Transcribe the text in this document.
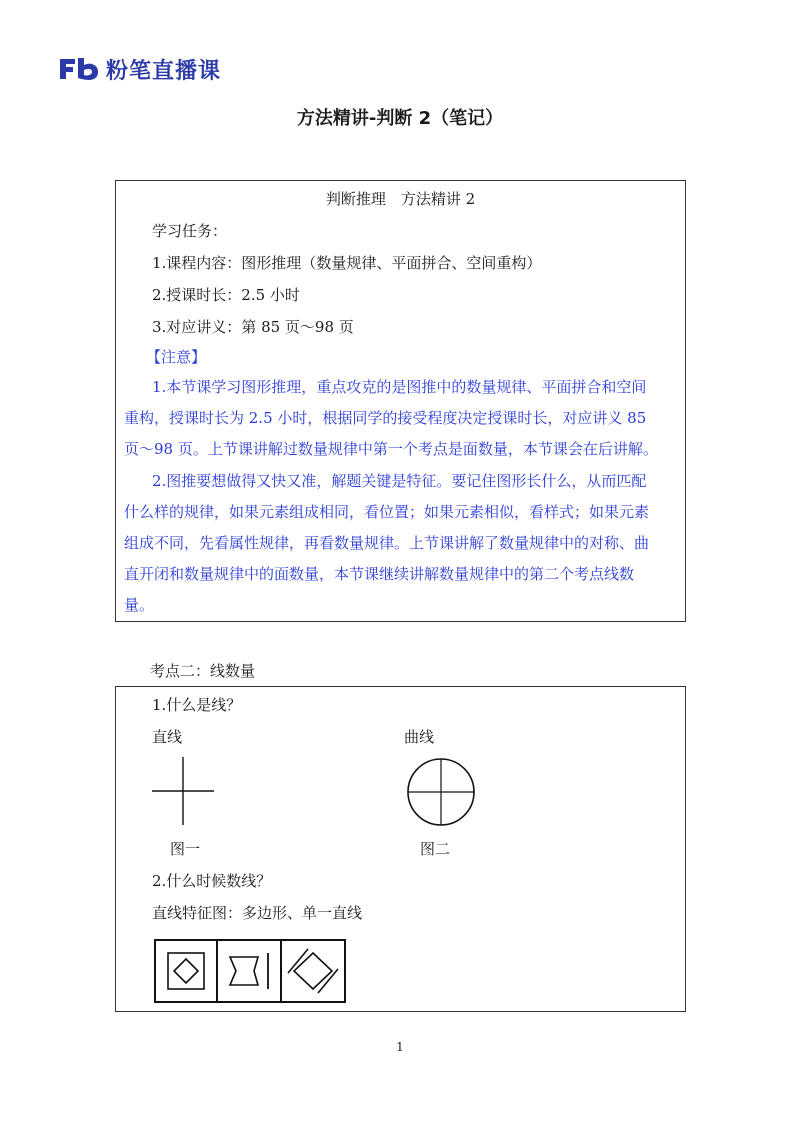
粉笔直播课
方法精讲-判断 2（笔记）
判断推理　方法精讲 2
学习任务：
1.课程内容：图形推理（数量规律、平面拼合、空间重构）
2.授课时长：2.5 小时
3.对应讲义：第 85 页～98 页
【注意】
1.本节课学习图形推理，重点攻克的是图推中的数量规律、平面拼合和空间
重构，授课时长为 2.5 小时，根据同学的接受程度决定授课时长，对应讲义 85
页～98 页。上节课讲解过数量规律中第一个考点是面数量，本节课会在后讲解。
2.图推要想做得又快又准，解题关键是特征。要记住图形长什么，从而匹配
什么样的规律，如果元素组成相同，看位置；如果元素相似，看样式；如果元素
组成不同，先看属性规律，再看数量规律。上节课讲解了数量规律中的对称、曲
直开闭和数量规律中的面数量，本节课继续讲解数量规律中的第二个考点线数
量。
考点二：线数量
1.什么是线？
直线	曲线
图一	图二
2.什么时候数线？
直线特征图：多边形、单一直线
1
